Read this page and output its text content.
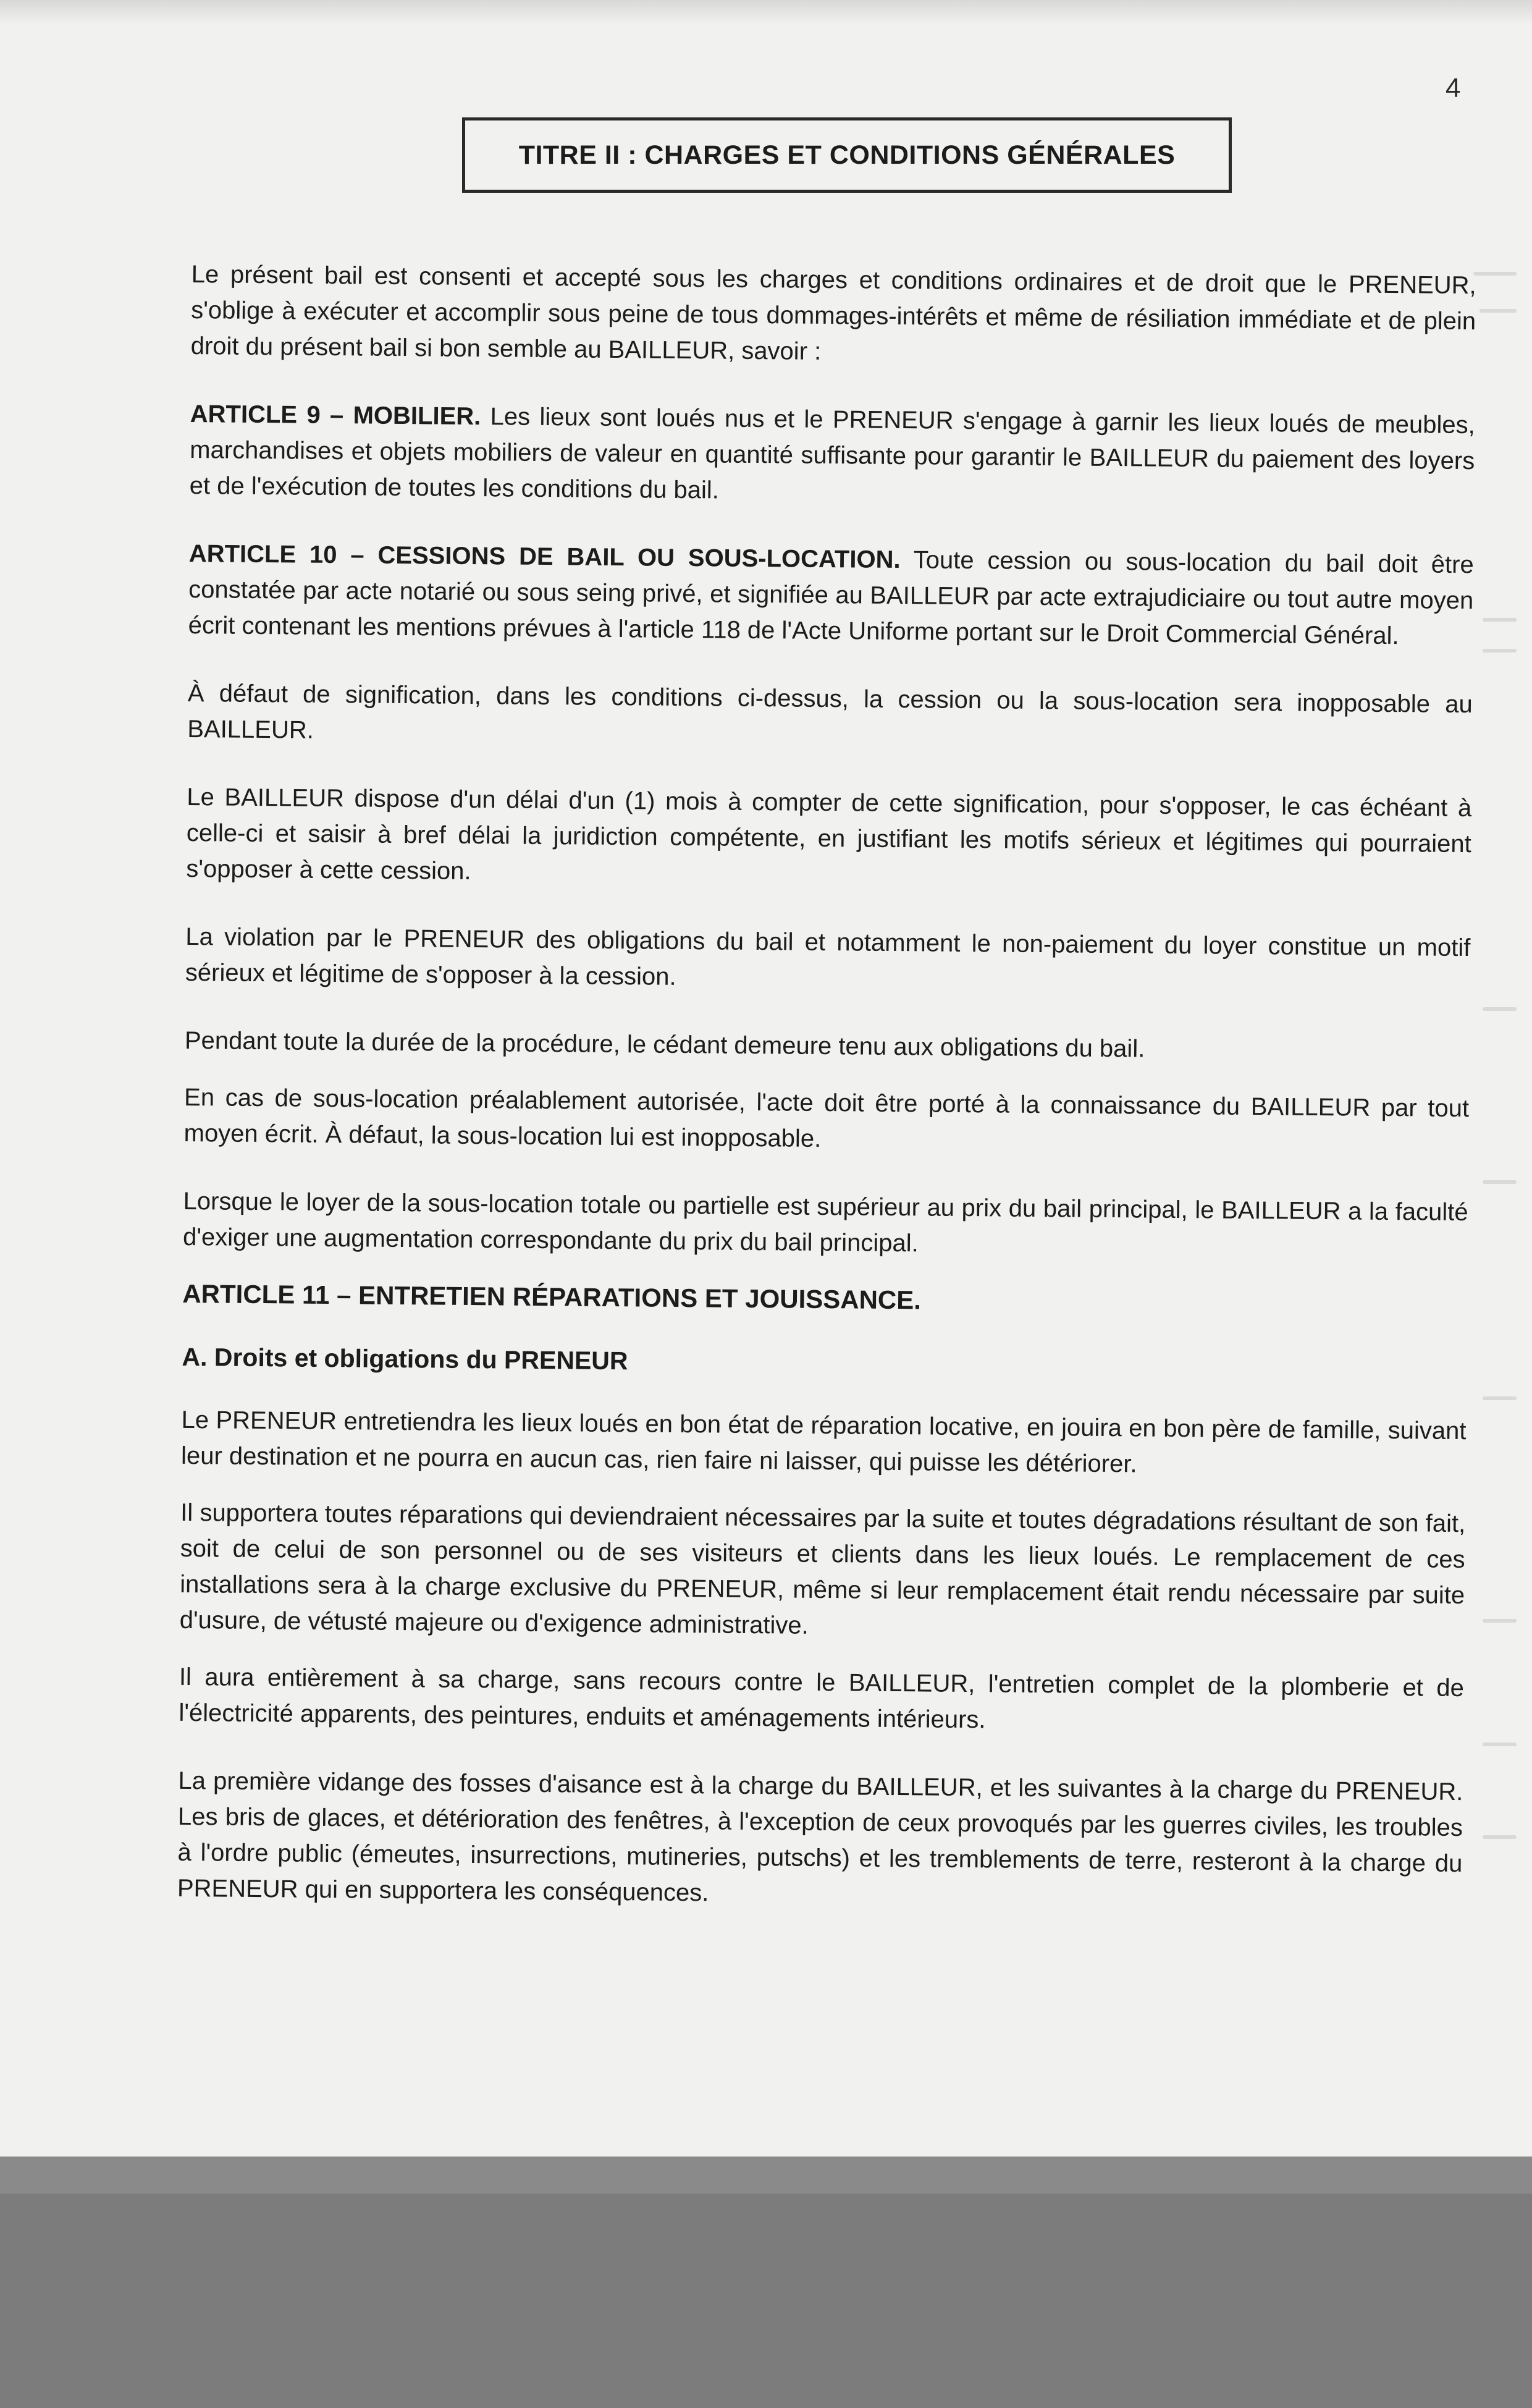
4
TITRE II : CHARGES ET CONDITIONS GÉNÉRALES

Le présent bail est consenti et accepté sous les charges et conditions ordinaires et de droit que le PRENEUR, s'oblige à exécuter et accomplir sous peine de tous dommages-intérêts et même de résiliation immédiate et de plein droit du présent bail si bon semble au BAILLEUR, savoir :

ARTICLE 9 – MOBILIER. Les lieux sont loués nus et le PRENEUR s'engage à garnir les lieux loués de meubles, marchandises et objets mobiliers de valeur en quantité suffisante pour garantir le BAILLEUR du paiement des loyers et de l'exécution de toutes les conditions du bail.

ARTICLE 10 – CESSIONS DE BAIL OU SOUS-LOCATION. Toute cession ou sous-location du bail doit être constatée par acte notarié ou sous seing privé, et signifiée au BAILLEUR par acte extrajudiciaire ou tout autre moyen écrit contenant les mentions prévues à l'article 118 de l'Acte Uniforme portant sur le Droit Commercial Général.

À défaut de signification, dans les conditions ci-dessus, la cession ou la sous-location sera inopposable au BAILLEUR.

Le BAILLEUR dispose d'un délai d'un (1) mois à compter de cette signification, pour s'opposer, le cas échéant à celle-ci et saisir à bref délai la juridiction compétente, en justifiant les motifs sérieux et légitimes qui pourraient s'opposer à cette cession.

La violation par le PRENEUR des obligations du bail et notamment le non-paiement du loyer constitue un motif sérieux et légitime de s'opposer à la cession.

Pendant toute la durée de la procédure, le cédant demeure tenu aux obligations du bail.

En cas de sous-location préalablement autorisée, l'acte doit être porté à la connaissance du BAILLEUR par tout moyen écrit. À défaut, la sous-location lui est inopposable.

Lorsque le loyer de la sous-location totale ou partielle est supérieur au prix du bail principal, le BAILLEUR a la faculté d'exiger une augmentation correspondante du prix du bail principal.

ARTICLE 11 – ENTRETIEN RÉPARATIONS ET JOUISSANCE.
A. Droits et obligations du PRENEUR

Le PRENEUR entretiendra les lieux loués en bon état de réparation locative, en jouira en bon père de famille, suivant leur destination et ne pourra en aucun cas, rien faire ni laisser, qui puisse les détériorer.

Il supportera toutes réparations qui deviendraient nécessaires par la suite et toutes dégradations résultant de son fait, soit de celui de son personnel ou de ses visiteurs et clients dans les lieux loués. Le remplacement de ces installations sera à la charge exclusive du PRENEUR, même si leur remplacement était rendu nécessaire par suite d'usure, de vétusté majeure ou d'exigence administrative.

Il aura entièrement à sa charge, sans recours contre le BAILLEUR, l'entretien complet de la plomberie et de l'électricité apparents, des peintures, enduits et aménagements intérieurs.

La première vidange des fosses d'aisance est à la charge du BAILLEUR, et les suivantes à la charge du PRENEUR. Les bris de glaces, et détérioration des fenêtres, à l'exception de ceux provoqués par les guerres civiles, les troubles à l'ordre public (émeutes, insurrections, mutineries, putschs) et les tremblements de terre, resteront à la charge du PRENEUR qui en supportera les conséquences.
